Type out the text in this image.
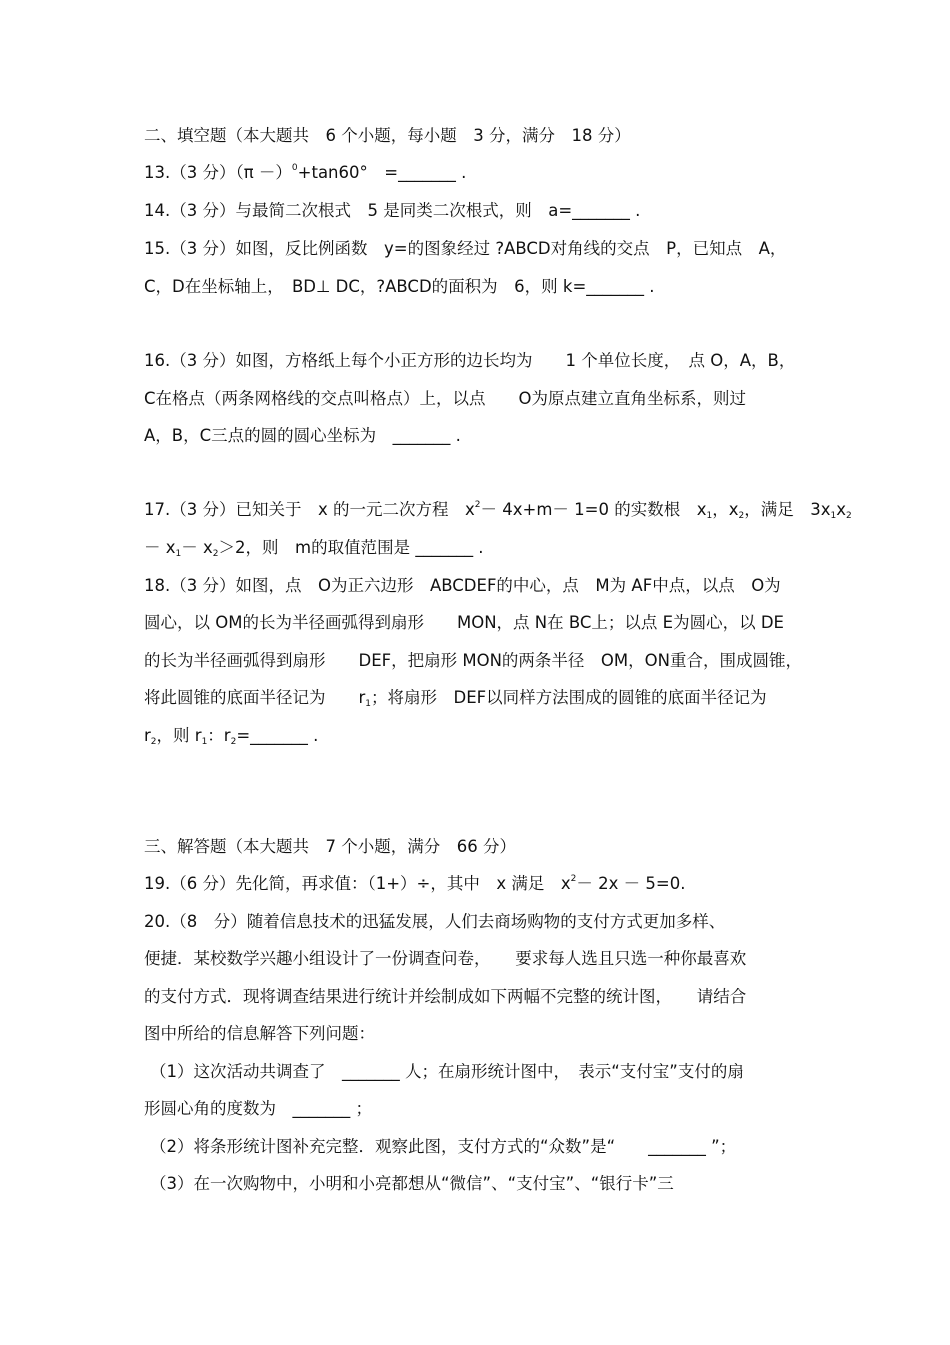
二、填空题（本大题共　6 个小题，每小题　3 分，满分　18 分）
13.（3 分）$(\pi -)^0+\tan 60^\circ$　=_______ .
14.（3 分）与最简二次根式　5 是同类二次根式，则　a=_______ .
15.（3 分）如图，反比例函数　y=的图象经过 ?ABCD对角线的交点　P，已知点　A，
C，D在坐标轴上，　BD⊥ DC，?ABCD的面积为　6，则 k=_______ .
16.（3 分）如图，方格纸上每个小正方形的边长均为　　1 个单位长度，　点 O，A，B，
C在格点（两条网格线的交点叫格点）上，以点　　O为原点建立直角坐标系，则过
A，B，C三点的圆的圆心坐标为　_______ .
17.（3 分）已知关于　x 的一元二次方程　$x^2- 4x+m- 1=0$ 的实数根　x1，x2，满足　3x1x2
－ x1－ x2＞2，则　m的取值范围是 _______ .
18.（3 分）如图，点　O为正六边形　ABCDEF的中心，点　M为 AF中点，以点　O为
圆心，以 OM的长为半径画弧得到扇形　　MON，点 N在 BC上；以点 E为圆心，以 DE
的长为半径画弧得到扇形　　DEF，把扇形 MON的两条半径　OM，ON重合，围成圆锥，
将此圆锥的底面半径记为　　r1；将扇形　DEF以同样方法围成的圆锥的底面半径记为
r2，则 r1：r2=_______ .
三、解答题（本大题共　7 个小题，满分　66 分）
19.（6 分）先化简，再求值：（1+）÷，其中　x 满足　$x^2- 2x - 5=0$.
20.（8　分）随着信息技术的迅猛发展，人们去商场购物的支付方式更加多样、
便捷．某校数学兴趣小组设计了一份调查问卷，　　要求每人选且只选一种你最喜欢
的支付方式．现将调查结果进行统计并绘制成如下两幅不完整的统计图，　　请结合
图中所给的信息解答下列问题：
（1）这次活动共调查了　_______ 人；在扇形统计图中，　表示“支付宝”支付的扇
形圆心角的度数为　_______ ；
（2）将条形统计图补充完整．观察此图，支付方式的“众数”是“　　_______ ”；
（3）在一次购物中，小明和小亮都想从“微信”、“支付宝”、“银行卡”三
